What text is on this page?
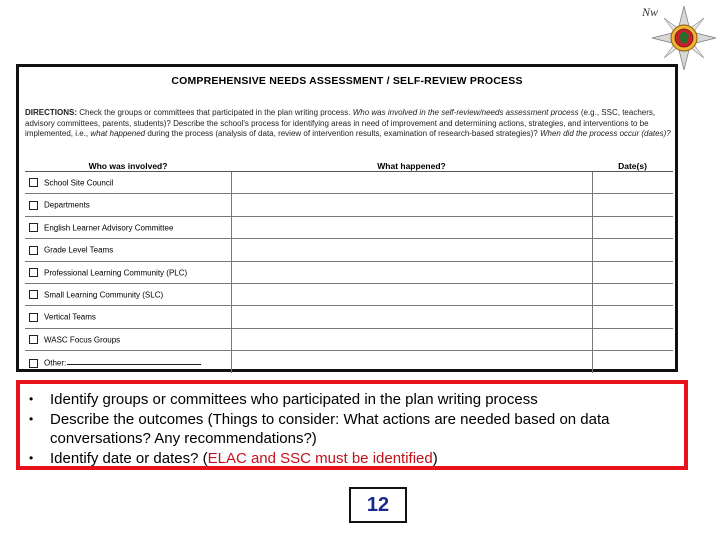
Nw
COMPREHENSIVE NEEDS ASSESSMENT / SELF-REVIEW PROCESS
DIRECTIONS: Check the groups or committees that participated in the plan writing process. Who was involved in the self-review/needs assessment process (e.g., SSC, teachers, advisory committees, parents, students)? Describe the school's process for identifying areas in need of improvement and determining actions, strategies, and interventions to be implemented, i.e., what happened during the process (analysis of data, review of intervention results, examination of research-based strategies)? When did the process occur (dates)?
Who was involved?	What happened?	Date(s)
School Site Council		
Departments		
English Learner Advisory Committee		
Grade Level Teams		
Professional Learning Community (PLC)		
Small Learning Community (SLC)		
Vertical Teams		
WASC Focus Groups		
Other:		
• Identify groups or committees who participated in the plan writing process
• Describe the outcomes (Things to consider: What actions are needed based on data conversations? Any recommendations?)
• Identify date or dates? (ELAC and SSC must be identified)
12
